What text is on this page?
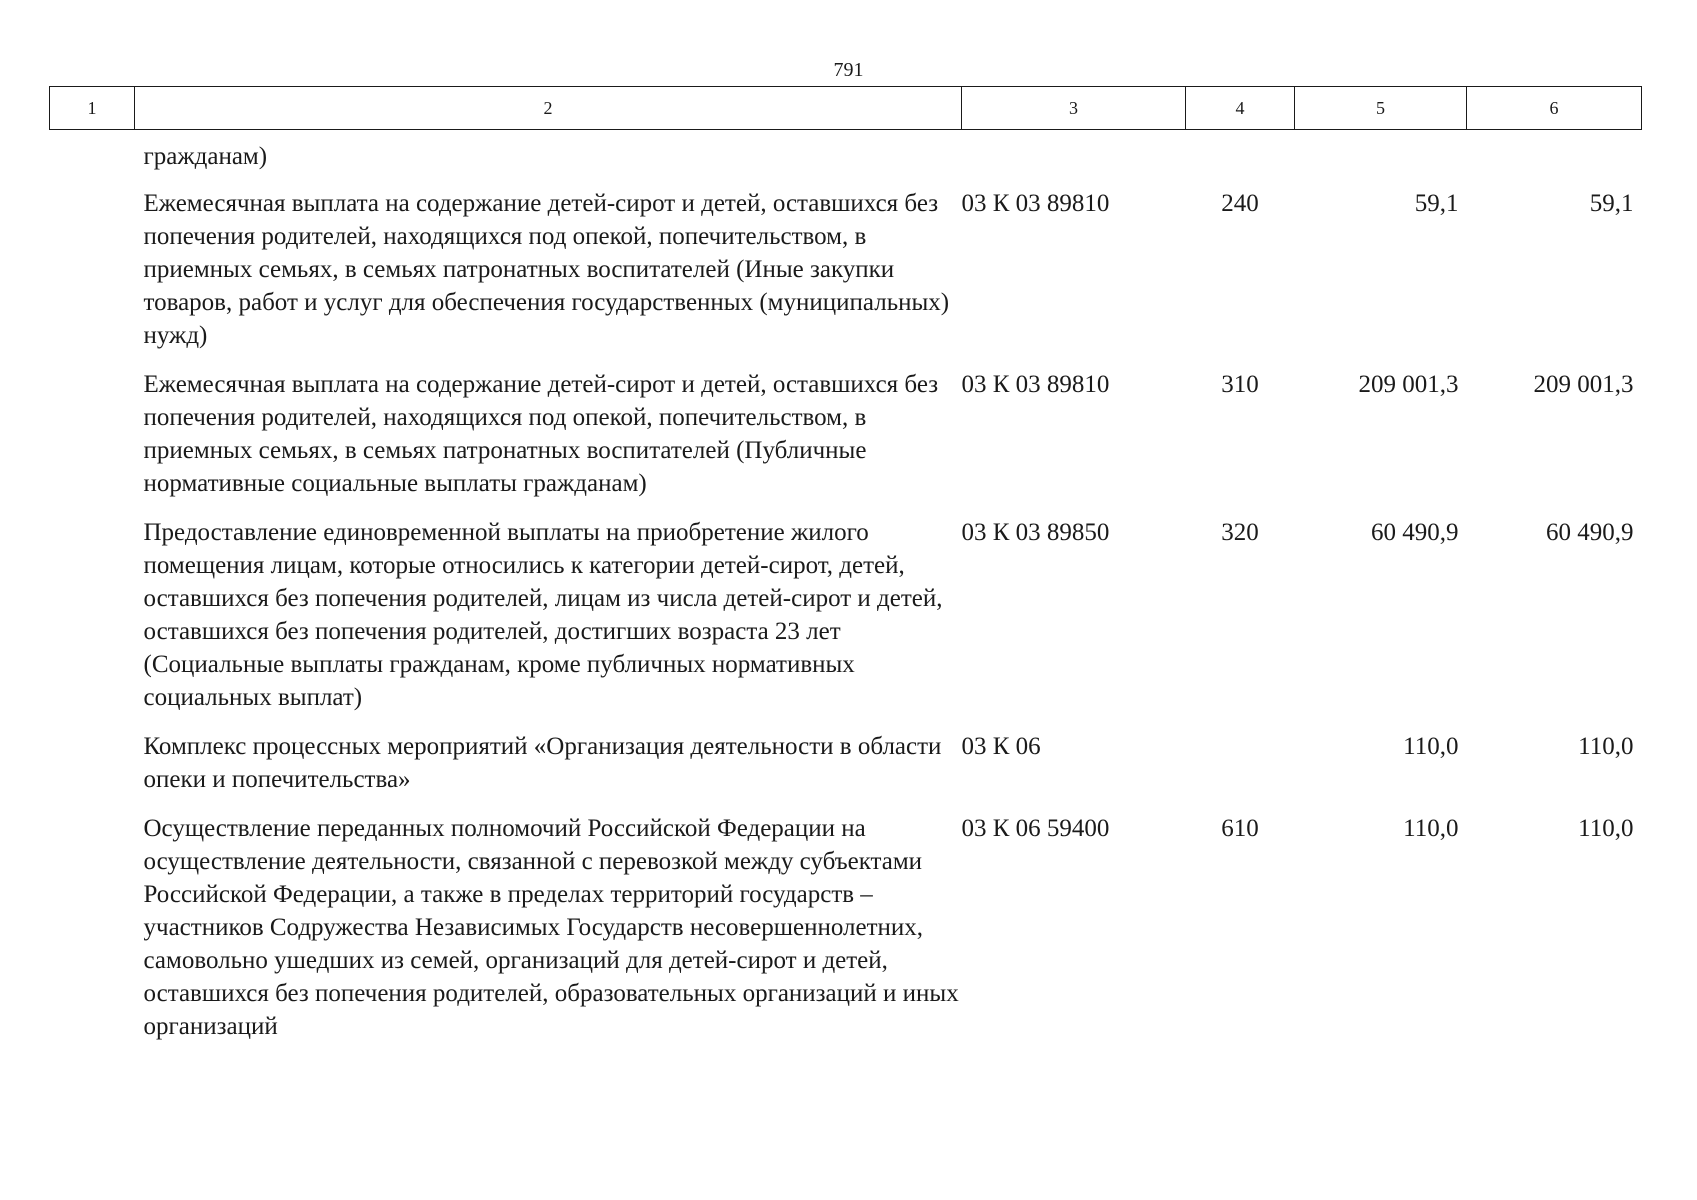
791
1	2	3	4	5	6
гражданам)					
Ежемесячная выплата на содержание детей-сирот и детей, оставшихся без попечения родителей, находящихся под опекой, попечительством, в приемных семьях, в семьях патронатных воспитателей (Иные закупки товаров, работ и услуг для обеспечения государственных (муниципальных) нужд)		03 К 03 89810	240	59,1	59,1
Ежемесячная выплата на содержание детей-сирот и детей, оставшихся без попечения родителей, находящихся под опекой, попечительством, в приемных семьях, в семьях патронатных воспитателей (Публичные нормативные социальные выплаты гражданам)		03 К 03 89810	310	209 001,3	209 001,3
Предоставление единовременной выплаты на приобретение жилого помещения лицам, которые относились к категории детей-сирот, детей, оставшихся без попечения родителей, лицам из числа детей-сирот и детей, оставшихся без попечения родителей, достигших возраста 23 лет (Социальные выплаты гражданам, кроме публичных нормативных социальных выплат)		03 К 03 89850	320	60 490,9	60 490,9
Комплекс процессных мероприятий «Организация деятельности в области опеки и попечительства»		03 К 06		110,0	110,0
Осуществление переданных полномочий Российской Федерации на осуществление деятельности, связанной с перевозкой между субъектами Российской Федерации, а также в пределах территорий государств – участников Содружества Независимых Государств несовершеннолетних, самовольно ушедших из семей, организаций для детей-сирот и детей, оставшихся без попечения родителей, образовательных организаций и иных организаций		03 К 06 59400	610	110,0	110,0
